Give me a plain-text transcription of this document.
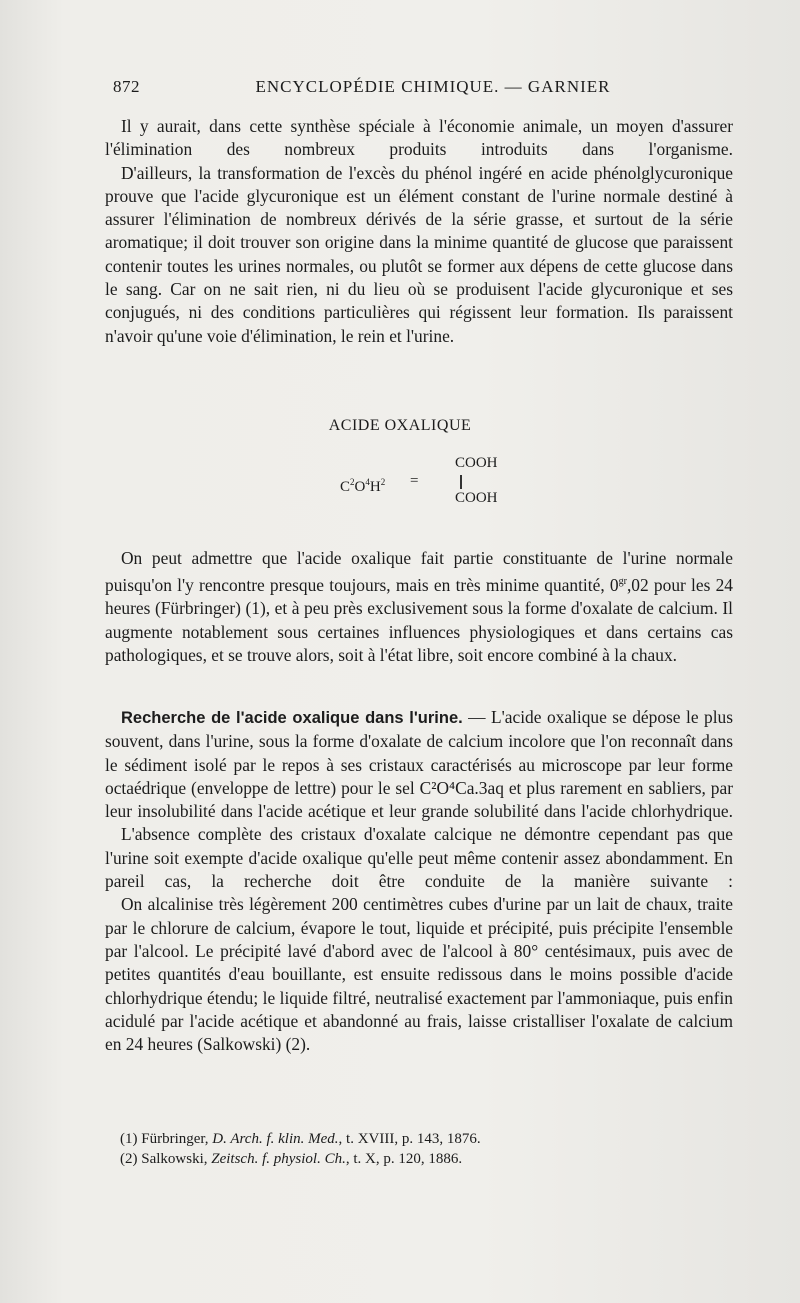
872	ENCYCLOPÉDIE CHIMIQUE. — GARNIER

Il y aurait, dans cette synthèse spéciale à l'économie animale, un moyen d'assurer l'élimination des nombreux produits introduits dans l'organisme.

D'ailleurs, la transformation de l'excès du phénol ingéré en acide phénolglycuronique prouve que l'acide glycuronique est un élément constant de l'urine normale destiné à assurer l'élimination de nombreux dérivés de la série grasse, et surtout de la série aromatique; il doit trouver son origine dans la minime quantité de glucose que paraissent contenir toutes les urines normales, ou plutôt se former aux dépens de cette glucose dans le sang. Car on ne sait rien, ni du lieu où se produisent l'acide glycuronique et ses conjugués, ni des conditions particulières qui régissent leur formation. Ils paraissent n'avoir qu'une voie d'élimination, le rein et l'urine.

ACIDE OXALIQUE
$C^2O^4H^2$ =
COOH
COOH

On peut admettre que l'acide oxalique fait partie constituante de l'urine normale puisqu'on l'y rencontre presque toujours, mais en très minime quantité, $0^{gr},02$ pour les 24 heures (Fürbringer) (1), et à peu près exclusivement sous la forme d'oxalate de calcium. Il augmente notablement sous certaines influences physiologiques et dans certains cas pathologiques, et se trouve alors, soit à l'état libre, soit encore combiné à la chaux.

Recherche de l'acide oxalique dans l'urine. — L'acide oxalique se dépose le plus souvent, dans l'urine, sous la forme d'oxalate de calcium incolore que l'on reconnaît dans le sédiment isolé par le repos à ses cristaux caractérisés au microscope par leur forme octaédrique (enveloppe de lettre) pour le sel C²O⁴Ca.3aq et plus rarement en sabliers, par leur insolubilité dans l'acide acétique et leur grande solubilité dans l'acide chlorhydrique.

L'absence complète des cristaux d'oxalate calcique ne démontre cependant pas que l'urine soit exempte d'acide oxalique qu'elle peut même contenir assez abondamment. En pareil cas, la recherche doit être conduite de la manière suivante :

On alcalinise très légèrement 200 centimètres cubes d'urine par un lait de chaux, traite par le chlorure de calcium, évapore le tout, liquide et précipité, puis précipite l'ensemble par l'alcool. Le précipité lavé d'abord avec de l'alcool à 80° centésimaux, puis avec de petites quantités d'eau bouillante, est ensuite redissous dans le moins possible d'acide chlorhydrique étendu; le liquide filtré, neutralisé exactement par l'ammoniaque, puis enfin acidulé par l'acide acétique et abandonné au frais, laisse cristalliser l'oxalate de calcium en 24 heures (Salkowski) (2).

(1) Fürbringer, D. Arch. f. klin. Med., t. XVIII, p. 143, 1876.
(2) Salkowski, Zeitsch. f. physiol. Ch., t. X, p. 120, 1886.
